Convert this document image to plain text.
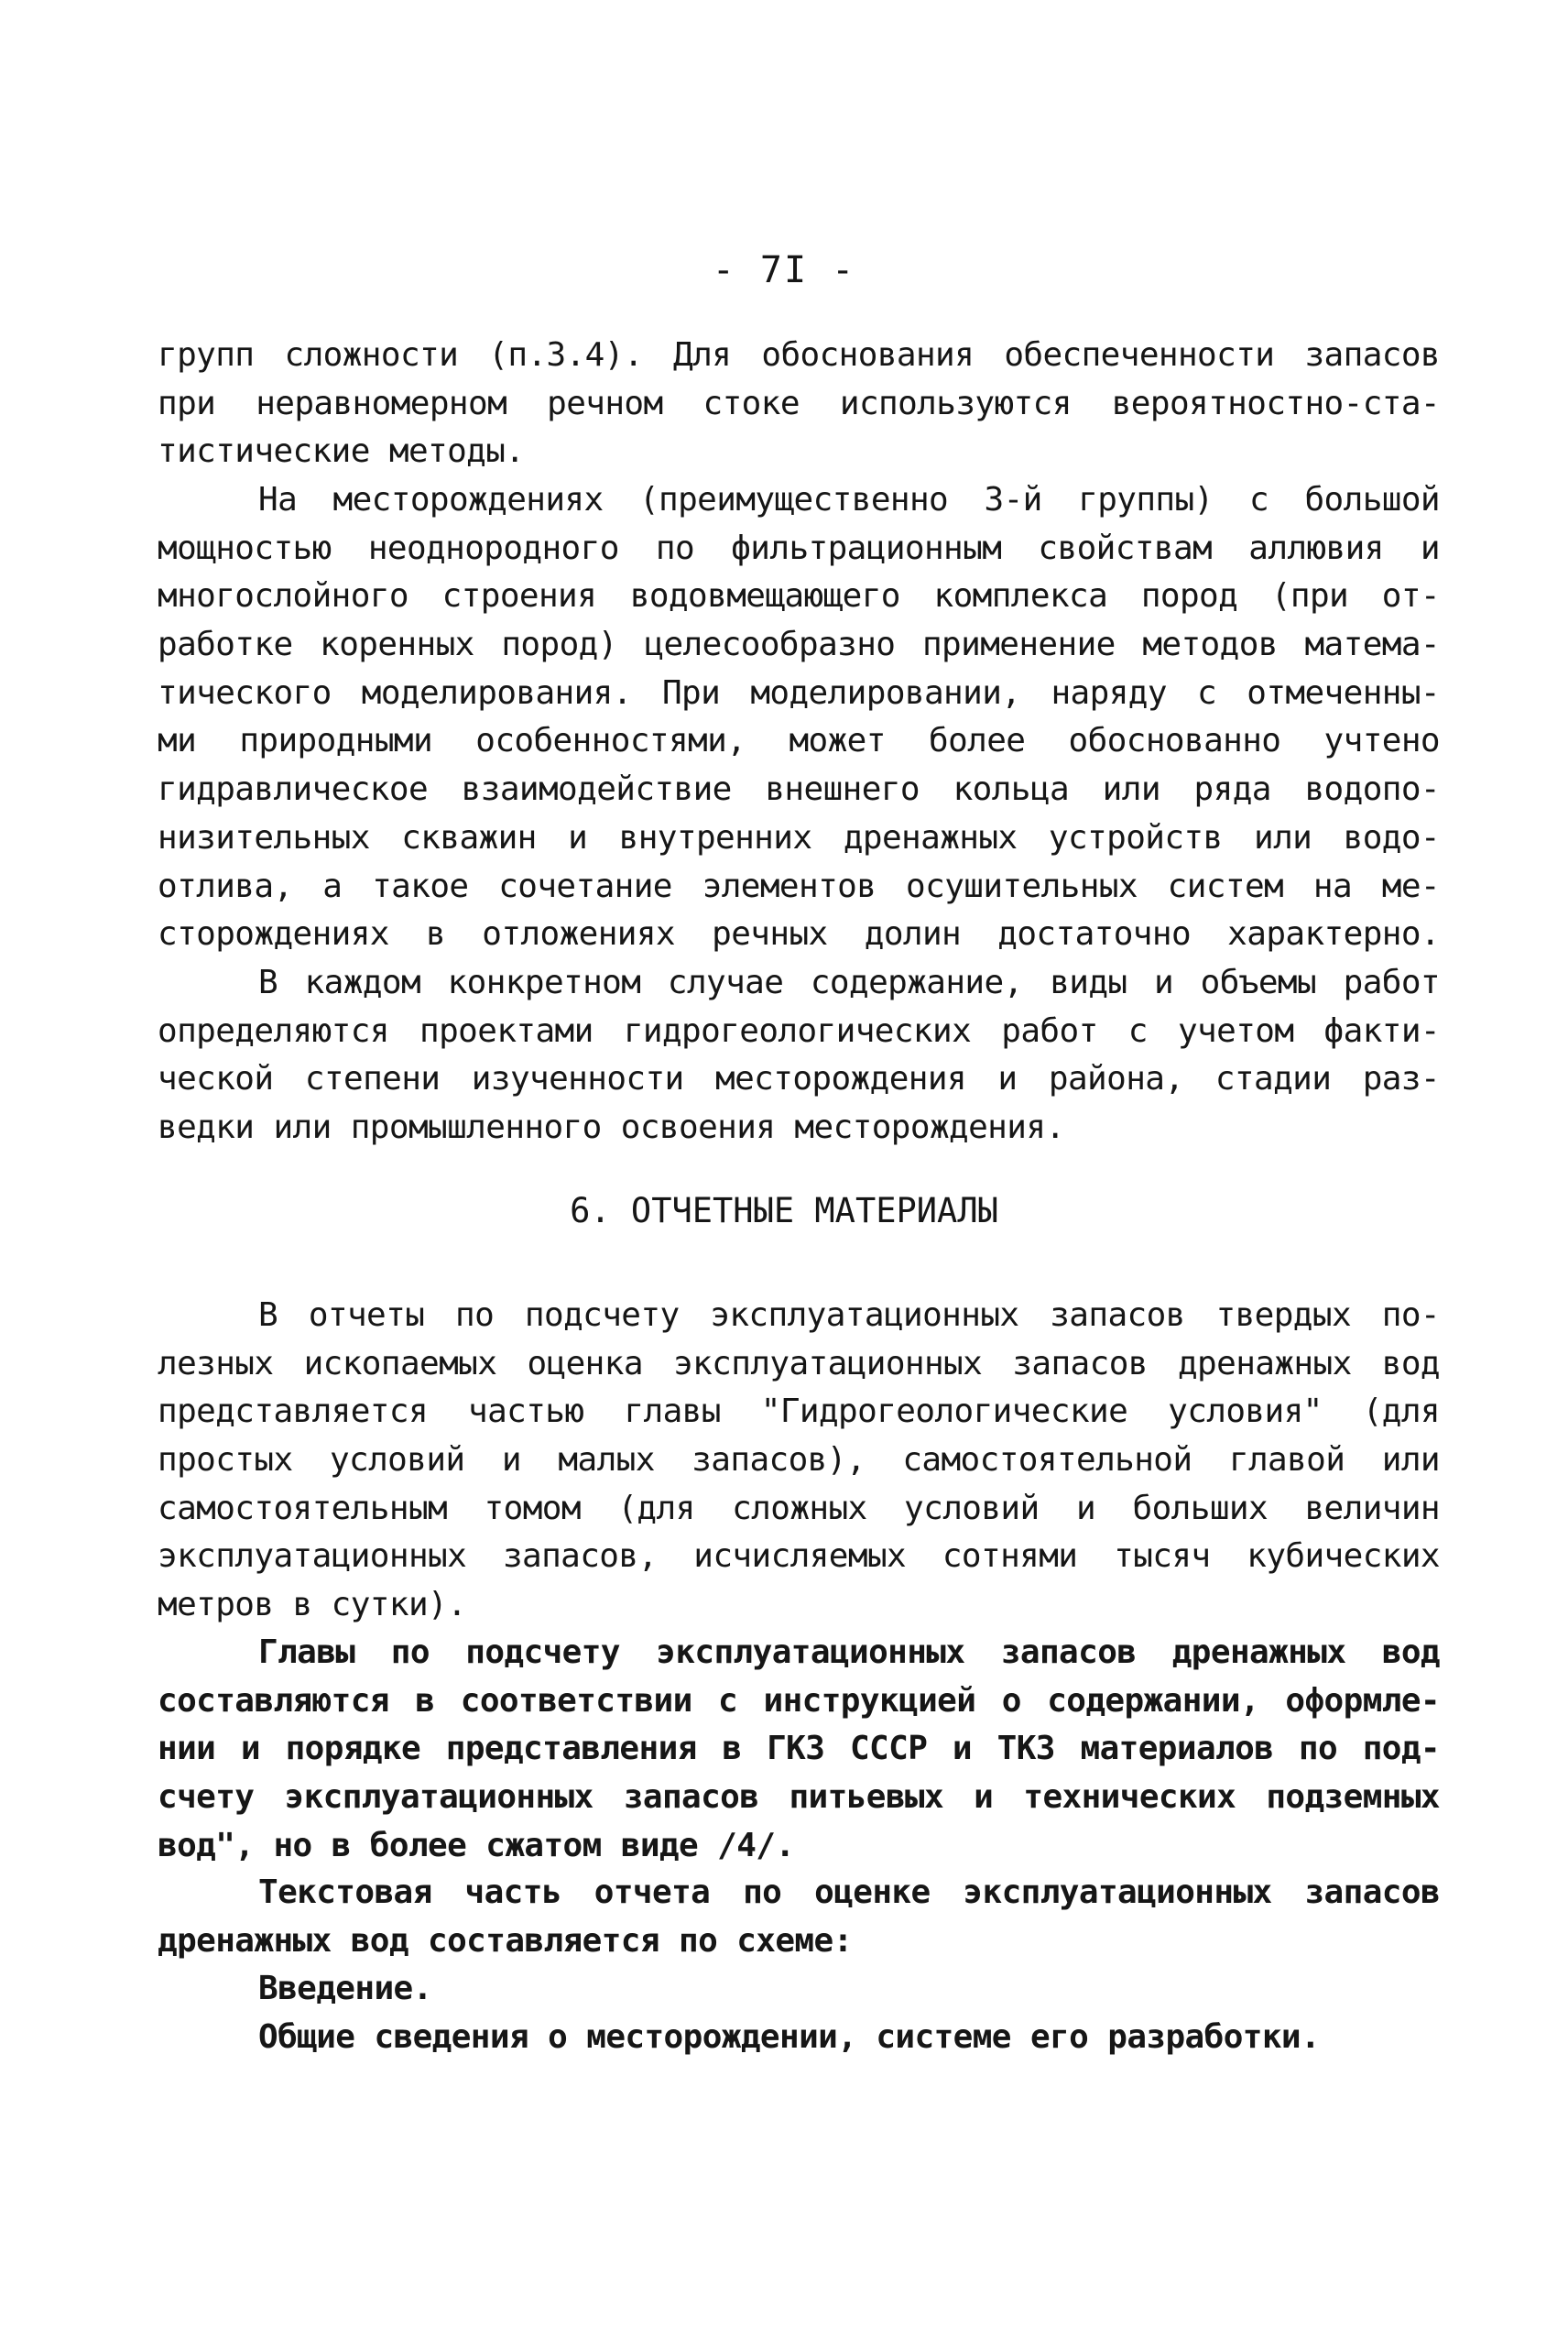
- 7I -
групп сложности (п.3.4). Для обоснования обеспеченности запасов
при неравномерном речном стоке используются вероятностно-ста-
тистические методы.
На месторождениях (преимущественно 3-й группы) с большой
мощностью неоднородного по фильтрационным свойствам аллювия и
многослойного строения водовмещающего комплекса пород (при от-
работке коренных пород) целесообразно применение методов матема-
тического моделирования. При моделировании, наряду с отмеченны-
ми природными особенностями, может более обоснованно учтено
гидравлическое взаимодействие внешнего кольца или ряда водопо-
низительных скважин и внутренних дренажных устройств или водо-
отлива, а такое сочетание элементов осушительных систем на ме-
сторождениях в отложениях речных долин достаточно характерно.
В каждом конкретном случае содержание, виды и объемы работ
определяются проектами гидрогеологических работ с учетом факти-
ческой степени изученности месторождения и района, стадии раз-
ведки или промышленного освоения месторождения.
6. ОТЧЕТНЫЕ МАТЕРИАЛЫ
В отчеты по подсчету эксплуатационных запасов твердых по-
лезных ископаемых оценка эксплуатационных запасов дренажных вод
представляется частью главы "Гидрогеологические условия" (для
простых условий и малых запасов), самостоятельной главой или
самостоятельным томом (для сложных условий и больших величин
эксплуатационных запасов, исчисляемых сотнями тысяч кубических
метров в сутки).
Главы по подсчету эксплуатационных запасов дренажных вод
составляются в соответствии с инструкцией о содержании, оформле-
нии и порядке представления в ГКЗ СССР и ТКЗ материалов по под-
счету эксплуатационных запасов питьевых и технических подземных
вод", но в более сжатом виде /4/.
Текстовая часть отчета по оценке эксплуатационных запасов
дренажных вод составляется по схеме:
Введение.
Общие сведения о месторождении, системе его разработки.
